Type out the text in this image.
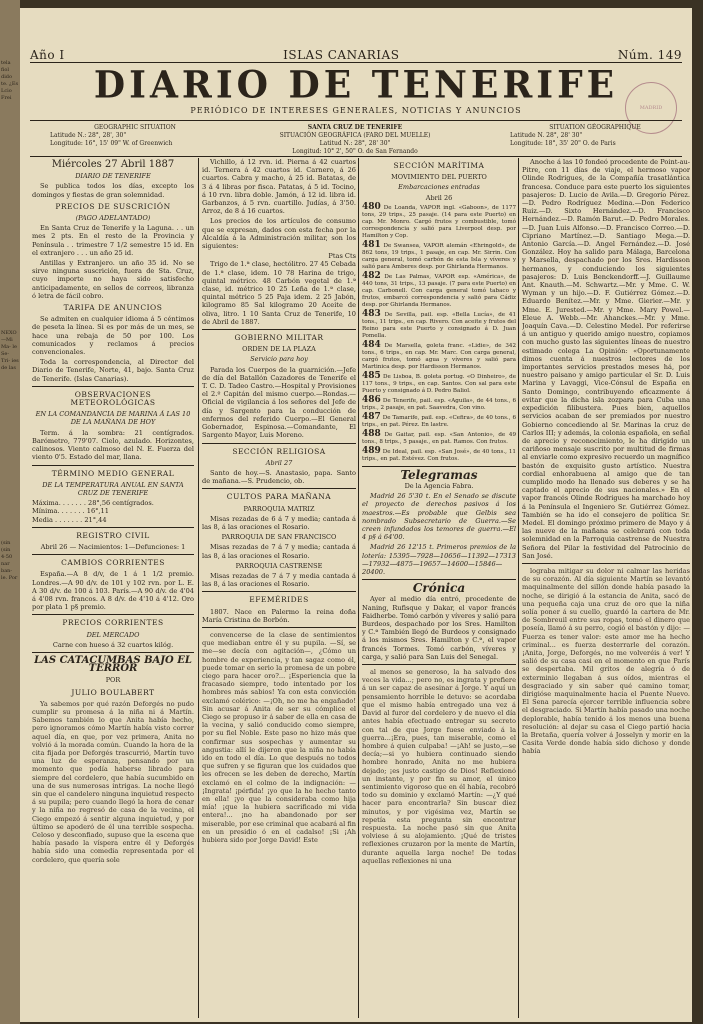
tela fiol dido te. ¿Es Lcio Frei
NEXO —Mi Ma- le Se- Tri- ies de las
(sin (sin 4·50 nar ban- le. Por
Año I	ISLAS CANARIAS	Núm. 149
DIARIO DE TENERIFE
PERIÓDICO DE INTERESES GENERALES, NOTICIAS Y ANUNCIOS	MADRID
GEOGRAPHIC SITUATION
Latitude N.: 28°, 28', 30"
Longitude: 16°, 15' 09" W. of Greenwich
SANTA CRUZ DE TENERIFE
SITUACIÓN GEOGRÁFICA (FARO DEL MUELLE)
Latitud N.: 28°, 28' 30"
Longitud: 10° 2', 50" O. de San Fernando
SITUATION GÉOGRAPHIQUE
Latitude N. 28°, 28' 30"
Longitude: 18°, 35' 20" O. de Paris
Miércoles 27 Abril 1887
DIARIO DE TENERIFE

Se publica todos los días, excepto los domingos y fiestas de gran solemnidad.

PRECIOS DE SUSCRICIÓN
(PAGO ADELANTADO)

En Santa Cruz de Tenerife y la Laguna. . . un mes 2 pts. En el resto de la Provincia y Península . . trimestre 7 1/2 semestre 15 id. En el extranjero . . . un año 25 id.

Antillas y Extranjero. un año 35 id. No se sirve ninguna suscrición, fuera de Sta. Cruz, cuyo importe no haya sido satisfecho anticipadamente, en sellos de correos, libranza ó letra de fácil cobro.

TARIFA DE ANUNCIOS

Se admiten en cualquier idioma á 5 céntimos de peseta la línea. Si es por más de un mes, se hace una rebaja de 50 por 100. Los comunicados y reclamos á precios convencionales.

Toda la correspondencia, al Director del Diario de Tenerife, Norte, 41, bajo. Santa Cruz de Tenerife. (Islas Canarias).

OBSERVACIONES METEOROLÓGICAS
EN LA COMANDANCIA DE MARINA Á LAS 10 DE LA MAÑANA DE HOY

Term. á la sombra: 21 centígrados. Barómetro, 779'07. Cielo, azulado. Horizontes, calinosos. Viento calmoso del N. E. Fuerza del viento 0'5. Estado del mar, llana.

TÉRMINO MEDIO GENERAL
DE LA TEMPERATURA ANUAL EN SANTA CRUZ DE TENERIFE
Máxima. . . . . . . 28°,56 centígrados.
Mínima. . . . . . . 16°,11
Media . . . . . . . 21°,44
REGISTRO CIVIL

Abril 26 — Nacimientos: 1—Defunciones: 1

CAMBIOS CORRIENTES

España.—A 8 d/v, de 1 á 1 1/2 premio. Londres.—A 90 d/v. de 101 y 102 rvn. por L. E. A 30 d/v. de 100 á 103. París.—A 90 d/v. de 4'04 á 4'08 rvn. francos. A 8 d/v. de 4'10 á 4'12. Oro por plata 1 p§ premio.

PRECIOS CORRIENTES
DEL MERCADO

Carne con hueso á 32 cuartos kilóg.

LAS CATACUMBAS BAJO EL TERROR
POR
JULIO BOULABERT

Ya sabemos por qué razón Deforgés no pudo cumplir su promesa á la niña ni á Martín. Sabemos también lo que Anita había hecho, pero ignoramos cómo Martín había visto correr aquel día, en que, por vez primera, Anita no volvió á la morada común. Cuando la hora de la cita fijada por Deforgés trascurrió, Martín tuvo una luz de esperanza, pensando por un momento que podía haberse librado para siempre del cordelero, que había sucumbido en una de sus numerosas intrigas. La noche llegó sin que el candelero ninguna inquietud respecto á su pupila; pero cuando llegó la hora de cenar y la niña no regresó de casa de la vecina, el Ciego empezó á sentir alguna inquietud, y por último se apoderó de él una terrible sospecha. Celoso y desconfiado, supuso que la escena que había pasado la víspera entre él y Deforgés había sido una comedia representada por el cordelero, que quería sole

Vichillo, á 12 rvn. id. Pierna á 42 cuartos id. Ternera á 42 cuartos id. Carnero, á 26 cuartos. Cabra y macho, á 25 id. Batatas, de 3 á 4 libras por fisca. Patatas, á 5 id. Tocino, á 10 rvn. libra doble. Jamón, á 12 id. libra id. Garbanzos, á 5 rvn. cuartillo. Judías, á 3'50. Arroz, de 8 á 16 cuartos.

Los precios de los artículos de consumo que se expresan, dados con esta fecha por la Alcaldía á la Administración militar, son los siguientes:

Ptas Cts

Trigo de 1.ª clase, hectólitro. 27 45 Cebada de 1.ª clase, idem. 10 78 Harina de trigo, quintal métrico. 48 Carbón vegetal de 1.ª clase, id. métrico 10 25 Leña de 1.ª clase, quintal métrico 5 25 Paja idem. 2 25 Jabón, kilogramo 85 Sal kilogramo 20 Aceite de oliva, litro. 1 10 Santa Cruz de Tenerife, 10 de Abril de 1887.

GOBIERNO MILITAR
ORDEN DE LA PLAZA
Servicio para hoy

Parada los Cuerpos de la guarnición.—Jefe de día del Batallón Cazadores de Tenerife el T. C. D. Tadeo Castro.—Hospital y Provisiones el 2.º Capitán del mismo cuerpo.—Rondas.—Oficial de vigilancia á los señores del Jefe de día y Sargento para la conducción de enfermos del referido Cuerpo.—El General Gobernador, Espinosa.—Comandante, El Sargento Mayor, Luis Moreno.

SECCIÓN RELIGIOSA
Abril 27

Santo de hoy.—S. Anastasio, papa. Santo de mañana.—S. Prudencio, ob.

CULTOS PARA MAÑANA
PARROQUIA MATRIZ

Misas rezadas de 6 á 7 y media; cantada á las 8, á las oraciones el Rosario.

PARROQUIA DE SAN FRANCISCO

Misas rezadas de 7 á 7 y media; cantada á las 8, á las oraciones el Rosario.

PARROQUIA CASTRENSE

Misas rezadas de 7 á 7 y media cantada á las 8, á las oraciones el Rosario.

EFEMÉRIDES

1807. Nace en Palermo la reina doña María Cristina de Borbón.

convencerse de la clase de sentimientos que mediaban entre él y su pupila. —Sí, se me—se decía con agitación—, ¿Cómo un hombre de experiencia, y tan sagaz como él, puede tomar en serio la promesa de un pobre ciego para hacer oro?... ¡Esperiencia que la fracasado siempre, todo intentado por los hombres más sabios! Ya con esta convicción exclamó colérico: —¡Oh, no me ha engañado! Sin acusar á Anita de ser su cómplice el Ciego se propuso ir á saber de ella en casa de la vecina, y salió conducido como siempre, por su fiel Noble. Este paso no hizo más que confirmar sus sospechas y aumentar su angustia: allí le dijeron que la niña no había ido en todo el día. Lo que después no todos que sufren y se figuran que los cuidados que les ofrecen se les deben de derecho, Martín exclamó en el colmo de la indignación: —¡Ingrata! ¡pérfida! ¡yo que la he hecho tanto en ella! ¡yo que la consideraba como hija mía! ¡que la hubiera sacrificado mi vida entera!... ¡no ha abandonado por ser miserable, por ese criminal que acabará al fin en un presidio ó en el cadalso! ¡Si ¡Ah hubiera sido por Jorge David! Este

SECCIÓN MARÍTIMA
MOVIMIENTO DEL PUERTO
Embarcaciones entradas
Abril 26

480 De Loanda, VAPOR ingl. «Gaboon», de 1177 tons, 29 trips., 25 pasaje. (14 para este Puerto) en cap. Mr. Monro. Cargó frutos y combustible, tomó correspondencia y salió para Liverpool desp. por Hamilton y Cop.

481 De Swansea, VAPOR alemán «Ehringold», de 862 tons, 19 trips., 1 pasaje, en cap. Mr. Sirrin. Con carga general, tomó carbón de esta Isla y víveres y salió para Amberes desp. por Ghirlanda Hermanos.

482 De Las Palmas, VAPOR esp. «América», de 440 tons, 31 trips., 13 pasaje. (7 para este Puerto) en cap. Carbonell. Con carga general tomó tabaco y frutos, embarcó correspondencia y salió para Cádiz desp. por Ghirlanda Hermanos.

483 De Sevilla, pail. esp. «Bella Lucía», de 41 tons., 11 trips., en cap. Rivero. Con aceite y frutos del Reino para este Puerto y consignado á D. Juan Pomella.

484 De Marsella, goleta franc. «Lidie», de 342 tons., 6 trips., en cap. Mr. Marc. Con carga general, cargó frutos, tomó agua y víveres y salió para Martinica desp. por Hardisson Hermanos.

485 De Lisboa, B. goleta portug. «O Dinheiro», de 117 tons., 9 trips., en cap. Santos. Con sal para este Puerto y consignado á D. Pedro Baliol.

486 De Tenerife, pail. esp. «Aguila», de 44 tons., 6 trips., 2 pasaje, en pat. Saavedra, Con vino.

487 De Tamarife, pail. esp. «Cefira», de 40 tons., 6 trips., en pat. Pérez. En lastre.

488 De Gaitar, pail. esp. «San Antonio», de 49 tons., 8 trips., 5 pasaje., en pat. Ramos. Con frutos.

489 De Ideal, pail. esp. «San José», de 40 tons., 11 trips., en pat. Estévez. Con frutos.

Telegramas
De la Agencia Fabra.

Madrid 26 5'30 t. En el Senado se discute el proyecto de derechos pasivos á los maestros.—Es probable que Gelbis sea nombrado Subsecretario de Guerra.—Se creen infundados los temores de guerra.—El 4 p§ á 64'00.

Madrid 26 12'15 t. Primeros premios de la lotería: 15395—7928—10656—11392—17313—17932—4875—19657—14600—15846—20400.

Crónica

Ayer al medio día entró, procedente de Naning, Rufisque y Dakar, el vapor francés Faidherbe. Tomó carbón y víveres y salió para Burdeos, despachado por los Sres. Hamilton y C.ª También llegó de Burdeos y consignado á los mismos Sres. Hamilton y C.ª, el vapor francés Tormes. Tomó carbón, víveres y carga, y salió para San Luis del Senegal.

al menos se generoso, la ha salvado dos veces la vida...; pero no, es ingrata y prefiere á un ser capaz de asesinar á Jorge. Y aquí un pensamiento horrible le detuvo: se acordaba que el mismo había entregado una vez á David al furor del cordelero y de nuevo el día antes había efectuado entregar su secreto con tal de que Jorge fuese enviado á la guerra...¡Era, pues, tan miserable, como el hombre á quien culpaba! —¡Ah! se justo,—se decía;—si yo hubiera continuado siendo hombre honrado, Anita no me hubiera dejado; ¡es justo castigo de Dios! Reflexionó un instante, y por fin su amor, el único sentimiento vigoroso que en él había, recobró todo su dominio y exclamó Martín: —¿Y qué hacer para encontrarla? Sin buscar diez minutos, y por vigésima vez, Martín se repetía esta pregunta sin encontrar respuesta. La noche pasó sin que Anita volviese á su alojamiento. ¡Qué de tristes reflexiones cruzaron por la mente de Martín, durante aquella larga noche! De todas aquellas reflexiones ni una

Anoche á las 10 fondeó procedente de Point-au-Pitre, con 11 días de viaje, el hermoso vapor Olinde Rodrigues, de la Compañía trasatlántica francesa. Conduce para este puerto los siguientes pasajeros: D. Lucio de Avila.—D. Gregorio Pérez.—D. Pedro Rodríguez Medina.—Don Federico Ruiz.—D. Sixto Hernández.—D. Francisco Hernández.—D. Ramón Barut.—D. Pedro Morales.—D. Juan Luis Alfonso.—D. Francisco Correo.—D. Cipriano Martínez.—D. Santiago Mega.—D. Antonio García.—D. Angel Fernández.—D. José González. Hoy ha salido para Málaga, Barcelona y Marsella, despachado por los Sres. Hardisson hermanos, y conduciendo los siguientes pasajeros: D. Luis Benckendorff.—J. Guillaume Ant. Knauth.—M. Schwartz.—Mr. y Mme. C. W. Wyman y un hijo.—D. F. Gutiérrez Gómez.—D. Eduardo Benítez.—Mr. y Mme. Gierier.—Mr. y Mme. E. Jurested.—Mr. y Mme. Mary Powel.—Eleue A. Webb.—Mr. Ahanckes.—Mr. y Mme. Joaquín Cava.—D. Celestino Medel. Por referirse á un antiguo y querido amigo nuestro, copiamos con mucho gusto las siguientes líneas de nuestro estimado colega La Opinión: «Oportunamente dimos cuenta á nuestros lectores de los importantes servicios prestados meses há, por nuestro paisano y amigo particular el Sr. D. Luis Marina y Lavaggi, Vice-Cónsul de España en Santo Domingo, contribuyendo eficazmente á evitar que la dicha isla zozpara para Cuba una expedición filibustera. Pues bien, aquellos servicios acaban de ser premiados por nuestro Gobierno concediendo al Sr. Marinas la cruz de Carlos III; y además, la colonia española, en señal de aprecio y reconocimiento, le ha dirigido un cariñoso mensaje suscrito por multitud de firmas al enviarle como expresivo recuerdo un magnífico bastón de exquisito gusto artístico. Nuestra cordial enhorabuena al amigo que de tan cumplido modo ha llenado sus deberes y se ha captado el aprecio de sus nacionales.» En el vapor francés Olinde Rodrigues ha marchado hoy á la Península el Ingeniero Sr. Gutiérrez Gómez. También se ha ido el consejero de política Sr. Medel. El domingo próximo primero de Mayo y á las nueve de la mañana se celebrará con toda solemnidad en la Parroquia castrense de Nuestra Señora del Pilar la festividad del Patrocinio de San José.

lograba mitigar su dolor ni calmar las heridas de su corazón. Al día siguiente Martín se levantó maquinalmente del sillón donde había pasado la noche, se dirigió á la estancia de Anita, sacó de una pequeña caja una cruz de oro que la niña solía poner á su cuello, guardó la cartera de Mr. de Sombreuil entre sus ropas, tomó el dinero que poseía, llamó á su perro, cogió el bastón y dijo: —Fuerza es tener valor: este amor me ha hecho criminal... es fuerza desterrarle del corazón. ¡Anita, Jorge, Deforgés, no me volveréis á ver! Y salió de su casa casi en el momento en que París se despertaba. Mil gritos de alegría ó de exterminio llegaban á sus oídos, mientras el desgraciado y sin saber qué camino tomar, dirigióse maquinalmente hacia el Puente Nuevo. El Sena parecía ejercer terrible influencia sobre el desgraciado. Si Martín había pasado una noche deplorable, había tenido á los menos una buena resolución: al dejar su casa el Ciego partió hacia la Bretaña, quería volver á Josselyn y morir en la Casita Verde donde había sido dichoso y donde había
